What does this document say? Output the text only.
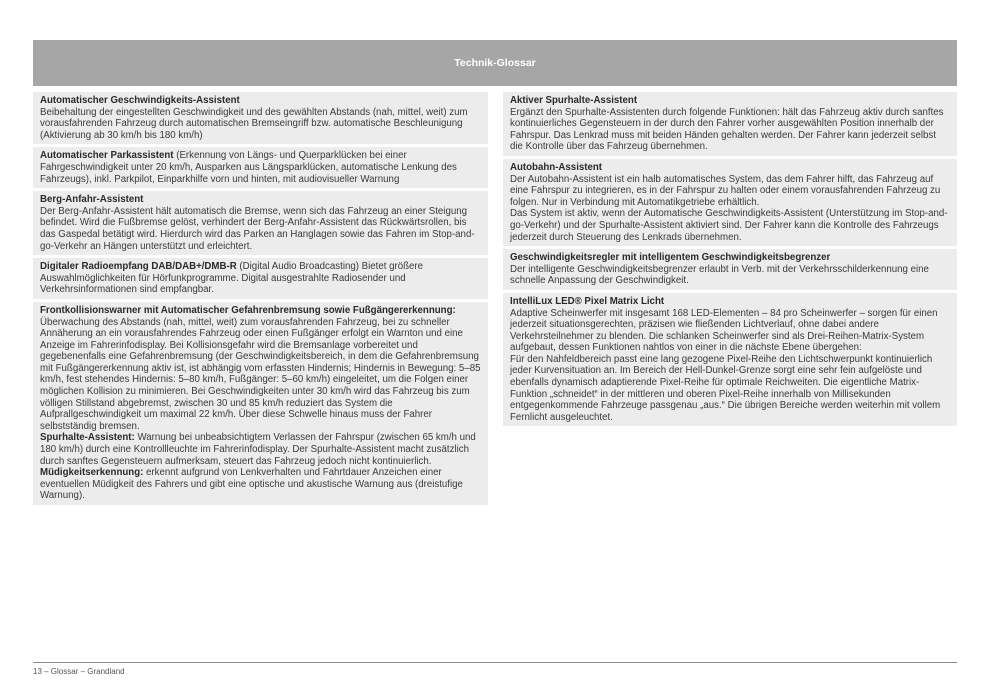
Technik-Glossar

Automatischer Geschwindigkeits-Assistent

Beibehaltung der eingestellten Geschwindigkeit und des gewählten Abstands (nah, mittel, weit) zum vorausfahrenden Fahrzeug durch automatischen Bremseingriff bzw. automatische Beschleunigung (Aktivierung ab 30 km/h bis 180 km/h)

Automatischer Parkassistent (Erkennung von Längs- und Querparklücken bei einer Fahrgeschwindigkeit unter 20 km/h, Ausparken aus Längsparklücken, automatische Lenkung des Fahrzeugs), inkl. Parkpilot, Einparkhilfe vorn und hinten, mit audiovisueller Warnung

Berg-Anfahr-Assistent

Der Berg-Anfahr-Assistent hält automatisch die Bremse, wenn sich das Fahrzeug an einer Steigung befindet. Wird die Fußbremse gelöst, verhindert der Berg-Anfahr-Assistent das Rückwärtsrollen, bis das Gaspedal betätigt wird. Hierdurch wird das Parken an Hanglagen sowie das Fahren im Stop-and-go-Verkehr an Hängen unterstützt und erleichtert.

Digitaler Radioempfang DAB/DAB+/DMB-R (Digital Audio Broadcasting) Bietet größere Auswahlmöglichkeiten für Hörfunkprogramme. Digital ausgestrahlte Radiosender und Verkehrsinformationen sind empfangbar.

Frontkollisionswarner mit Automatischer Gefahrenbremsung sowie Fußgängererkennung:

Überwachung des Abstands (nah, mittel, weit) zum vorausfahrenden Fahrzeug, bei zu schneller Annäherung an ein vorausfahrendes Fahrzeug oder einen Fußgänger erfolgt ein Warnton und eine Anzeige im Fahrerinfodisplay. Bei Kollisionsgefahr wird die Bremsanlage vorbereitet und gegebenenfalls eine Gefahrenbremsung (der Geschwindigkeitsbereich, in dem die Gefahrenbremsung mit Fußgängererkennung aktiv ist, ist abhängig vom erfassten Hindernis; Hindernis in Bewegung: 5–85 km/h, fest stehendes Hindernis: 5–80 km/h, Fußgänger: 5–60 km/h) eingeleitet, um die Folgen einer möglichen Kollision zu minimieren. Bei Geschwindigkeiten unter 30 km/h wird das Fahrzeug bis zum völligen Stillstand abgebremst, zwischen 30 und 85 km/h reduziert das System die Aufprallgeschwindigkeit um maximal 22 km/h. Über diese Schwelle hinaus muss der Fahrer selbstständig bremsen.

Spurhalte-Assistent: Warnung bei unbeabsichtigtem Verlassen der Fahrspur (zwischen 65 km/h und 180 km/h) durch eine Kontrollleuchte im Fahrerinfodisplay. Der Spurhalte-Assistent macht zusätzlich durch sanftes Gegensteuern aufmerksam, steuert das Fahrzeug jedoch nicht kontinuierlich.

Müdigkeitserkennung: erkennt aufgrund von Lenkverhalten und Fahrtdauer Anzeichen einer eventuellen Müdigkeit des Fahrers und gibt eine optische und akustische Warnung aus (dreistufige Warnung).

Aktiver Spurhalte-Assistent

Ergänzt den Spurhalte-Assistenten durch folgende Funktionen: hält das Fahrzeug aktiv durch sanftes kontinuierliches Gegensteuern in der durch den Fahrer vorher ausgewählten Position innerhalb der Fahrspur. Das Lenkrad muss mit beiden Händen gehalten werden. Der Fahrer kann jederzeit selbst die Kontrolle über das Fahrzeug übernehmen.

Autobahn-Assistent

Der Autobahn-Assistent ist ein halb automatisches System, das dem Fahrer hilft, das Fahrzeug auf eine Fahrspur zu integrieren, es in der Fahrspur zu halten oder einem vorausfahrenden Fahrzeug zu folgen. Nur in Verbindung mit Automatikgetriebe erhältlich.

Das System ist aktiv, wenn der Automatische Geschwindigkeits-Assistent (Unterstützung im Stop-and-go-Verkehr) und der Spurhalte-Assistent aktiviert sind. Der Fahrer kann die Kontrolle des Fahrzeugs jederzeit durch Steuerung des Lenkrads übernehmen.

Geschwindigkeitsregler mit intelligentem Geschwindigkeitsbegrenzer

Der intelligente Geschwindigkeitsbegrenzer erlaubt in Verb. mit der Verkehrsschilderkennung eine schnelle Anpassung der Geschwindigkeit.

IntelliLux LED® Pixel Matrix Licht

Adaptive Scheinwerfer mit insgesamt 168 LED-Elementen – 84 pro Scheinwerfer – sorgen für einen jederzeit situationsgerechten, präzisen wie fließenden Lichtverlauf, ohne dabei andere Verkehrsteilnehmer zu blenden. Die schlanken Scheinwerfer sind als Drei-Reihen-Matrix-System aufgebaut, dessen Funktionen nahtlos von einer in die nächste Ebene übergehen:

Für den Nahfeldbereich passt eine lang gezogene Pixel-Reihe den Lichtschwerpunkt kontinuierlich jeder Kurvensituation an. Im Bereich der Hell-Dunkel-Grenze sorgt eine sehr fein aufgelöste und ebenfalls dynamisch adaptierende Pixel-Reihe für optimale Reichweiten. Die eigentliche Matrix-Funktion „schneidet“ in der mittleren und oberen Pixel-Reihe innerhalb von Millisekunden entgegenkommende Fahrzeuge passgenau „aus.“ Die übrigen Bereiche werden weiterhin mit vollem Fernlicht ausgeleuchtet.

13 – Glossar – Grandland
